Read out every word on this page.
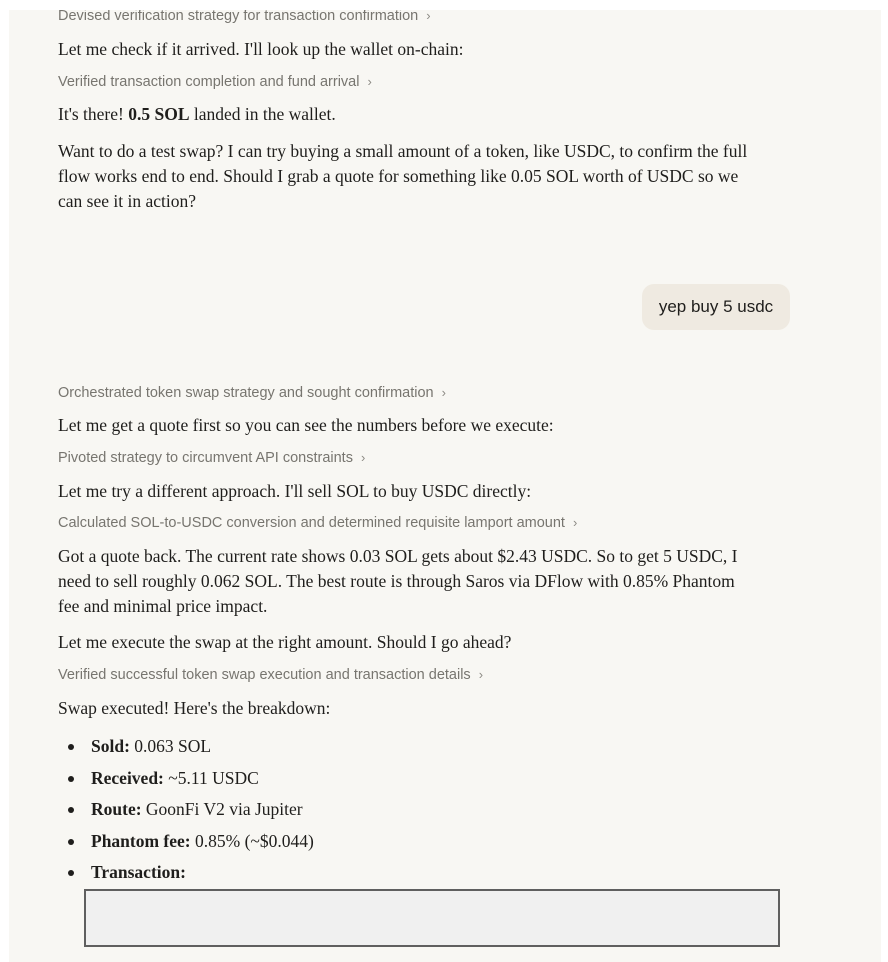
Devised verification strategy for transaction confirmation ›

Let me check if it arrived. I'll look up the wallet on-chain:

Verified transaction completion and fund arrival ›

It's there! 0.5 SOL landed in the wallet.

Want to do a test swap? I can try buying a small amount of a token, like USDC, to confirm the full flow works end to end. Should I grab a quote for something like 0.05 SOL worth of USDC so we can see it in action?

yep buy 5 usdc
Orchestrated token swap strategy and sought confirmation ›

Let me get a quote first so you can see the numbers before we execute:

Pivoted strategy to circumvent API constraints ›

Let me try a different approach. I'll sell SOL to buy USDC directly:

Calculated SOL-to-USDC conversion and determined requisite lamport amount ›

Got a quote back. The current rate shows 0.03 SOL gets about $2.43 USDC. So to get 5 USDC, I need to sell roughly 0.062 SOL. The best route is through Saros via DFlow with 0.85% Phantom fee and minimal price impact.

Let me execute the swap at the right amount. Should I go ahead?

Verified successful token swap execution and transaction details ›

Swap executed! Here's the breakdown:

Sold: 0.063 SOL
Received: ~5.11 USDC
Route: GoonFi V2 via Jupiter
Phantom fee: 0.85% (~$0.044)
Transaction:
